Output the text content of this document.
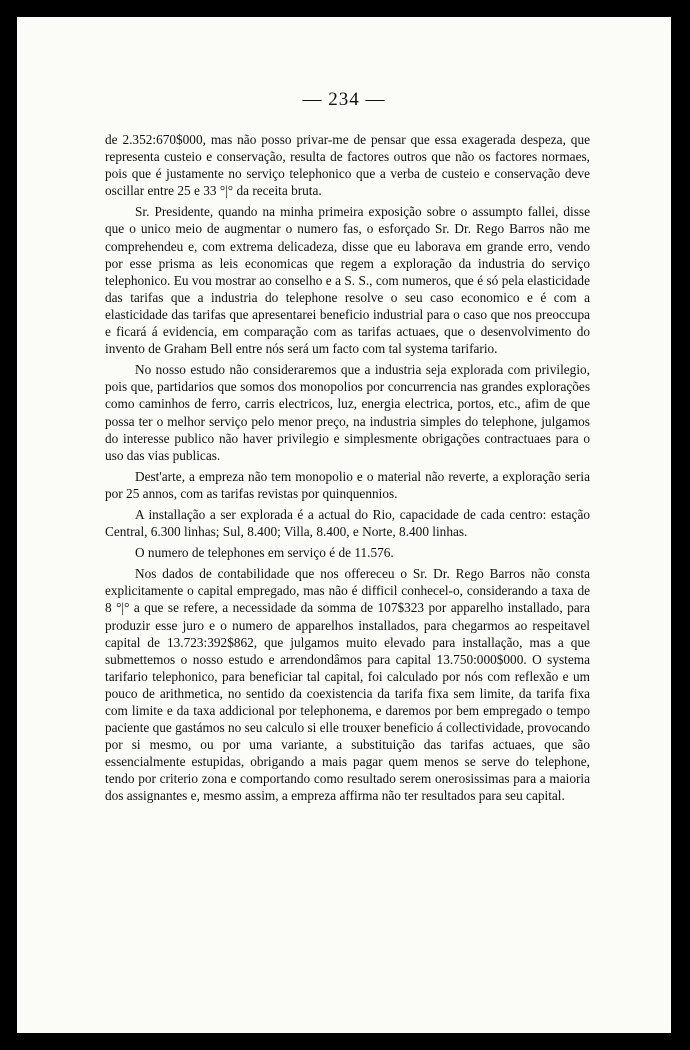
— 234 —

de 2.352:670$000, mas não posso privar-me de pensar que essa exagerada despeza, que representa custeio e conservação, resulta de factores outros que não os factores normaes, pois que é justamente no serviço telephonico que a verba de custeio e conservação deve oscillar entre 25 e 33 °|° da receita bruta.

Sr. Presidente, quando na minha primeira exposição sobre o assumpto fallei, disse que o unico meio de augmentar o numero fas, o esforçado Sr. Dr. Rego Barros não me comprehendeu e, com extrema delicadeza, disse que eu laborava em grande erro, vendo por esse prisma as leis economicas que regem a exploração da industria do serviço telephonico. Eu vou mostrar ao conselho e a S. S., com numeros, que é só pela elasticidade das tarifas que a industria do telephone resolve o seu caso economico e é com a elasticidade das tarifas que apresentarei beneficio industrial para o caso que nos preoccupa e ficará á evidencia, em comparação com as tarifas actuaes, que o desenvolvimento do invento de Graham Bell entre nós será um facto com tal systema tarifario.

No nosso estudo não consideraremos que a industria seja explorada com privilegio, pois que, partidarios que somos dos monopolios por concurrencia nas grandes explorações como caminhos de ferro, carris electricos, luz, energia electrica, portos, etc., afim de que possa ter o melhor serviço pelo menor preço, na industria simples do telephone, julgamos do interesse publico não haver privilegio e simplesmente obrigações contractuaes para o uso das vias publicas.

Dest'arte, a empreza não tem monopolio e o material não reverte, a exploração seria por 25 annos, com as tarifas revistas por quinquennios.

A installação a ser explorada é a actual do Rio, capacidade de cada centro: estação Central, 6.300 linhas; Sul, 8.400; Villa, 8.400, e Norte, 8.400 linhas.

O numero de telephones em serviço é de 11.576.

Nos dados de contabilidade que nos offereceu o Sr. Dr. Rego Barros não consta explicitamente o capital empregado, mas não é difficil conhecel-o, considerando a taxa de 8 °|° a que se refere, a necessidade da somma de 107$323 por apparelho installado, para produzir esse juro e o numero de apparelhos installados, para chegarmos ao respeitavel capital de 13.723:392$862, que julgamos muito elevado para installação, mas a que submettemos o nosso estudo e arrendondâmos para capital 13.750:000$000. O systema tarifario telephonico, para beneficiar tal capital, foi calculado por nós com reflexão e um pouco de arithmetica, no sentido da coexistencia da tarifa fixa sem limite, da tarifa fixa com limite e da taxa addicional por telephonema, e daremos por bem empregado o tempo paciente que gastámos no seu calculo si elle trouxer beneficio á collectividade, provocando por si mesmo, ou por uma variante, a substituição das tarifas actuaes, que são essencialmente estupidas, obrigando a mais pagar quem menos se serve do telephone, tendo por criterio zona e comportando como resultado serem onerosissimas para a maioria dos assignantes e, mesmo assim, a empreza affirma não ter resultados para seu capital.
